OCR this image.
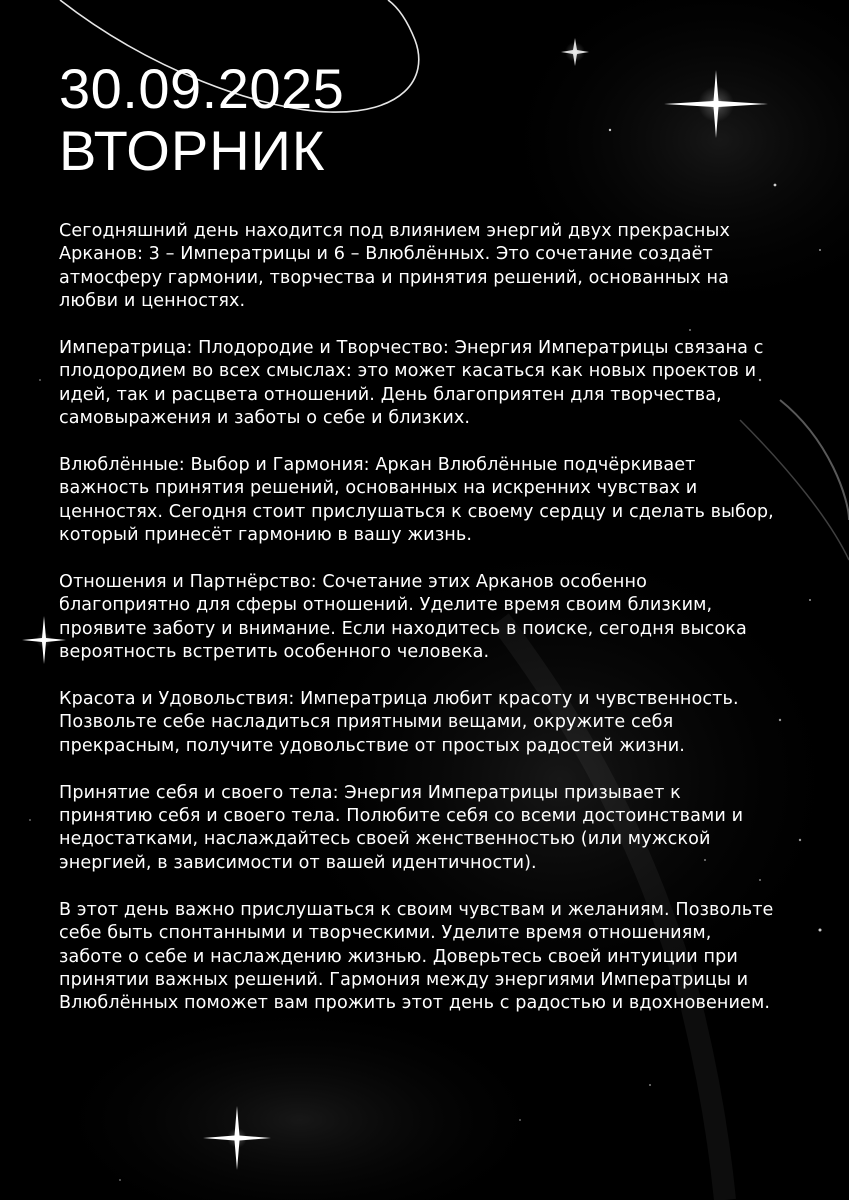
30.09.2025
ВТОРНИК

Сегодняшний день находится под влиянием энергий двух прекрасных Арканов: 3 – Императрицы и 6 – Влюблённых. Это сочетание создаёт атмосферу гармонии, творчества и принятия решений, основанных на любви и ценностях.

Императрица: Плодородие и Творчество: Энергия Императрицы связана с плодородием во всех смыслах: это может касаться как новых проектов и идей, так и расцвета отношений. День благоприятен для творчества, самовыражения и заботы о себе и близких.

Влюблённые: Выбор и Гармония: Аркан Влюблённые подчёркивает важность принятия решений, основанных на искренних чувствах и ценностях. Сегодня стоит прислушаться к своему сердцу и сделать выбор, который принесёт гармонию в вашу жизнь.

Отношения и Партнёрство: Сочетание этих Арканов особенно благоприятно для сферы отношений. Уделите время своим близким, проявите заботу и внимание. Если находитесь в поиске, сегодня высока вероятность встретить особенного человека.

Красота и Удовольствия: Императрица любит красоту и чувственность. Позвольте себе насладиться приятными вещами, окружите себя прекрасным, получите удовольствие от простых радостей жизни.

Принятие себя и своего тела: Энергия Императрицы призывает к принятию себя и своего тела. Полюбите себя со всеми достоинствами и недостатками, наслаждайтесь своей женственностью (или мужской энергией, в зависимости от вашей идентичности).

В этот день важно прислушаться к своим чувствам и желаниям. Позвольте себе быть спонтанными и творческими. Уделите время отношениям, заботе о себе и наслаждению жизнью. Доверьтесь своей интуиции при принятии важных решений. Гармония между энергиями Императрицы и Влюблённых поможет вам прожить этот день с радостью и вдохновением.
